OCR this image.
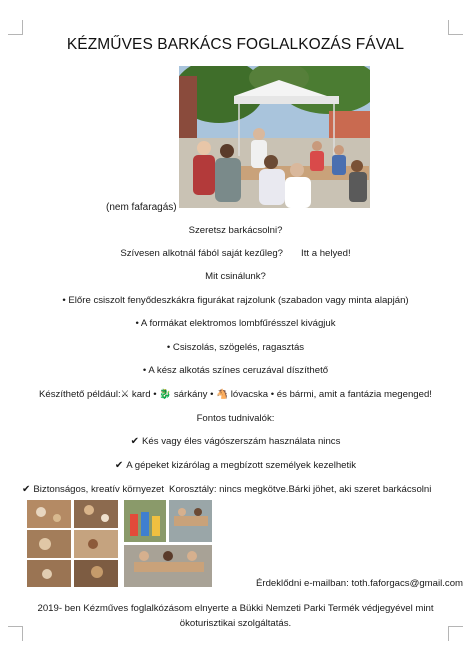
KÉZMŰVES BARKÁCS FOGLALKOZÁS FÁVAL
(nem fafaragás)
Szeretsz barkácsolni?
Szívesen alkotnál fából saját kezűleg? Itt a helyed!
Mit csinálunk?
• Előre csiszolt fenyődeszkákra figurákat rajzolunk (szabadon vagy minta alapján)
• A formákat elektromos lombfűrésszel kivágjuk
• Csiszolás, szögelés, ragasztás
• A kész alkotás színes ceruzával díszíthető
Készíthető például:⚔ kard • 🐉 sárkány • 🐴 lóvacska • és bármi, amit a fantázia megenged!
Fontos tudnivalók:
✔ Kés vagy éles vágószerszám használata nincs
✔ A gépeket kizárólag a megbízott személyek kezelhetik
✔ Biztonságos, kreatív környezet Korosztály: nincs megkötve.Bárki jöhet, aki szeret barkácsolni
Érdeklődni e-mailban: toth.faforgacs@gmail.com
2019- ben Kézműves foglalkózásom elnyerte a Bükki Nemzeti Parki Termék védjegyével mint ökoturisztikai szolgáltatás.
